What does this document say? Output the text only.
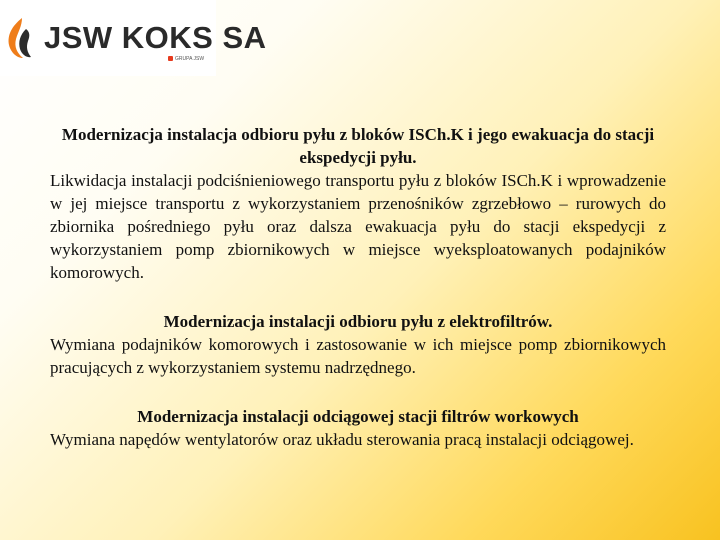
JSW KOKS SA
GRUPA JSW

Modernizacja instalacja odbioru pyłu z bloków ISCh.K i jego ewakuacja do stacji ekspedycji pyłu.

Likwidacja instalacji podciśnieniowego transportu pyłu z bloków ISCh.K i wprowadzenie w jej miejsce transportu z wykorzystaniem przenośników zgrzebłowo – rurowych do zbiornika pośredniego pyłu oraz dalsza ewakuacja pyłu do stacji ekspedycji z wykorzystaniem pomp zbiornikowych w miejsce wyeksploatowanych podajników komorowych.

Modernizacja instalacji odbioru pyłu z elektrofiltrów.

Wymiana podajników komorowych i zastosowanie w ich miejsce pomp zbiornikowych pracujących z wykorzystaniem systemu nadrzędnego.

Modernizacja instalacji odciągowej stacji filtrów workowych

Wymiana napędów wentylatorów oraz układu sterowania pracą instalacji odciągowej.
